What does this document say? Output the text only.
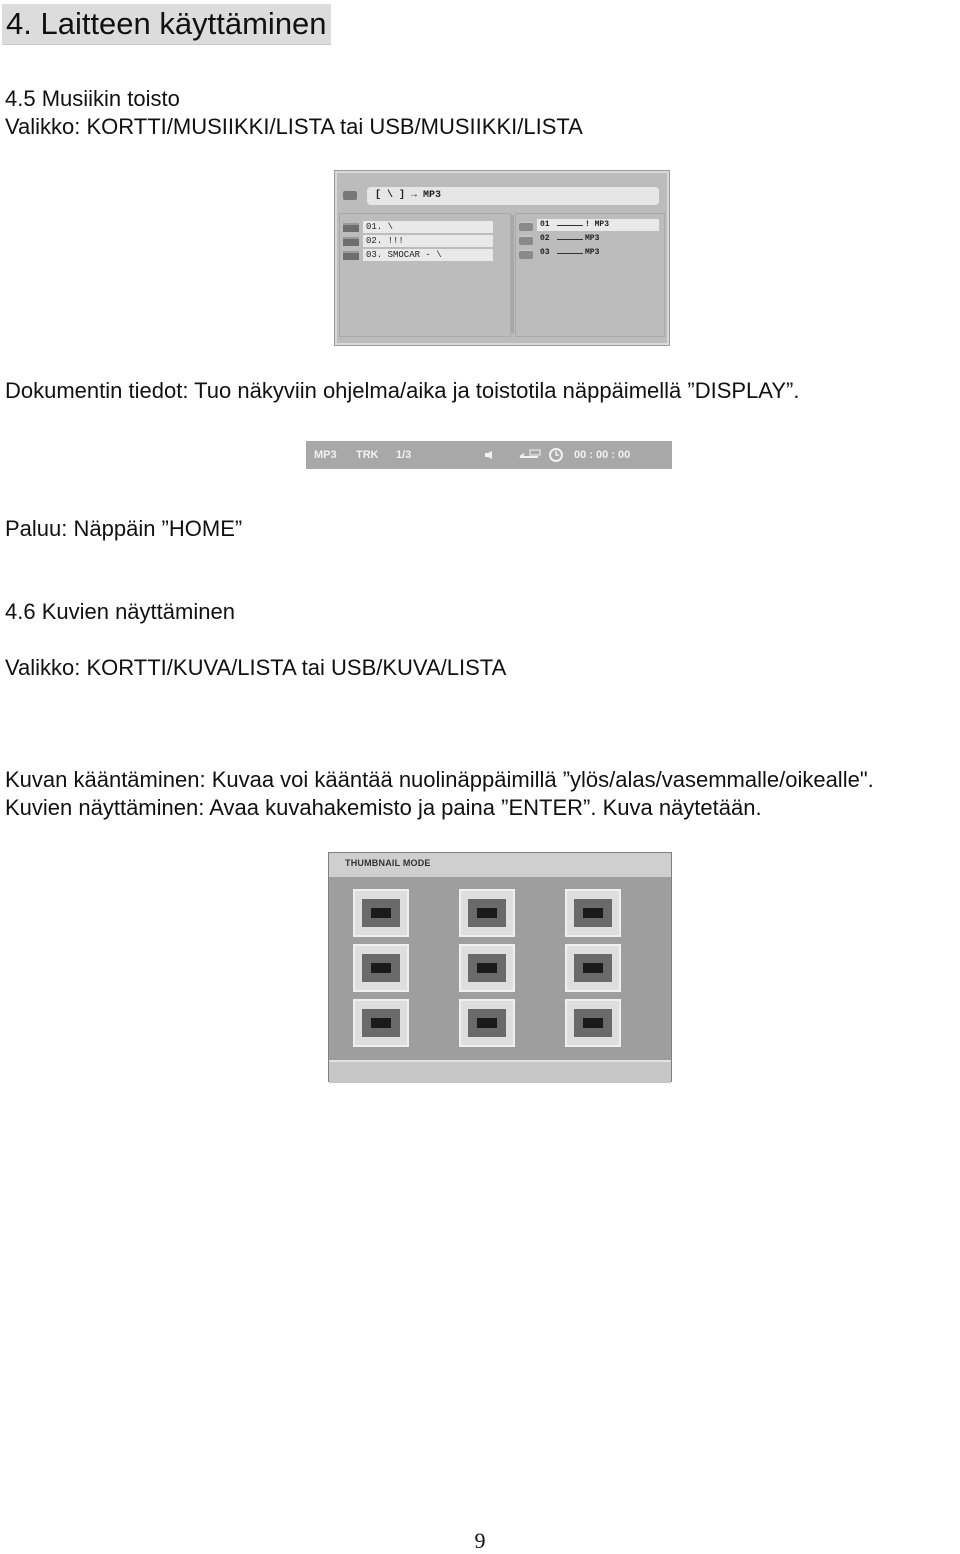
4. Laitteen käyttäminen
4.5 Musiikin toisto
Valikko: KORTTI/MUSIIKKI/LISTA tai USB/MUSIIKKI/LISTA
[ \ ] → MP3
01. \
02. !!!
03. SMOCAR - \
01	! MP3
02	MP3
03	MP3
Dokumentin tiedot: Tuo näkyviin ohjelma/aika ja toistotila näppäimellä ”DISPLAY”.
MP3 TRK 1/3	00 : 00 : 00
Paluu: Näppäin ”HOME”
4.6 Kuvien näyttäminen
Valikko: KORTTI/KUVA/LISTA tai USB/KUVA/LISTA
Kuvan kääntäminen: Kuvaa voi kääntää nuolinäppäimillä ”ylös/alas/vasemmalle/oikealle".
Kuvien näyttäminen: Avaa kuvahakemisto ja paina ”ENTER”. Kuva näytetään.
THUMBNAIL MODE
9
